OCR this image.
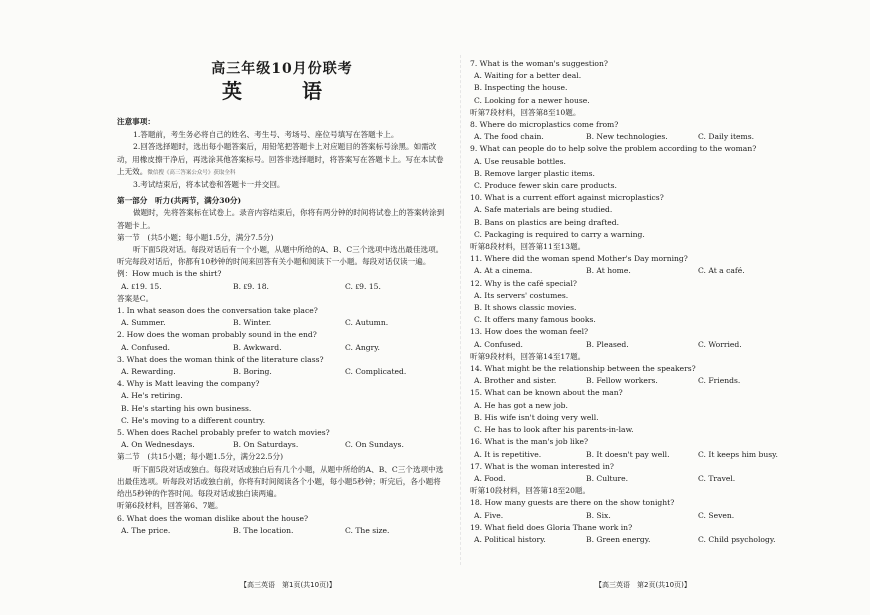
高三年级10月份联考
英　语
注意事项：

1.答题前，考生务必将自己的姓名、考生号、考场号、座位号填写在答题卡上。

2.回答选择题时，选出每小题答案后，用铅笔把答题卡上对应题目的答案标号涂黑。如需改动，用橡皮擦干净后，再选涂其他答案标号。回答非选择题时，将答案写在答题卡上。写在本试卷上无效。微信搜《高三答案公众号》获取全科

3.考试结束后，将本试卷和答题卡一并交回。

第一部分　听力(共两节，满分30分)

做题时，先将答案标在试卷上。录音内容结束后，你将有两分钟的时间将试卷上的答案转涂到答题卡上。

第一节　(共5小题；每小题1.5分，满分7.5分)

听下面5段对话。每段对话后有一个小题，从题中所给的A、B、C三个选项中选出最佳选项。听完每段对话后，你都有10秒钟的时间来回答有关小题和阅读下一小题。每段对话仅读一遍。

例：How much is the shirt?

A. ₤19. 15.	B. ₤9. 18.	C. ₤9. 15.

答案是C。

1. In what season does the conversation take place?

A. Summer.	B. Winter.	C. Autumn.

2. How does the woman probably sound in the end?

A. Confused.	B. Awkward.	C. Angry.

3. What does the woman think of the literature class?

A. Rewarding.	B. Boring.	C. Complicated.

4. Why is Matt leaving the company?

A. He's retiring.

B. He's starting his own business.

C. He's moving to a different country.

5. When does Rachel probably prefer to watch movies?

A. On Wednesdays.	B. On Saturdays.	C. On Sundays.

第二节　(共15小题；每小题1.5分，满分22.5分)

听下面5段对话或独白。每段对话或独白后有几个小题，从题中所给的A、B、C三个选项中选出最佳选项。听每段对话或独白前，你将有时间阅读各个小题，每小题5秒钟；听完后，各小题将给出5秒钟的作答时间。每段对话或独白读两遍。

听第6段材料，回答第6、7题。

6. What does the woman dislike about the house?

A. The price.	B. The location.	C. The size.

7. What is the woman's suggestion?

A. Waiting for a better deal.

B. Inspecting the house.

C. Looking for a newer house.

听第7段材料，回答第8至10题。

8. Where do microplastics come from?

A. The food chain.	B. New technologies.	C. Daily items.

9. What can people do to help solve the problem according to the woman?

A. Use reusable bottles.

B. Remove larger plastic items.

C. Produce fewer skin care products.

10. What is a current effort against microplastics?

A. Safe materials are being studied.

B. Bans on plastics are being drafted.

C. Packaging is required to carry a warning.

听第8段材料，回答第11至13题。

11. Where did the woman spend Mother's Day morning?

A. At a cinema.	B. At home.	C. At a café.

12. Why is the café special?

A. Its servers' costumes.

B. It shows classic movies.

C. It offers many famous books.

13. How does the woman feel?

A. Confused.	B. Pleased.	C. Worried.

听第9段材料，回答第14至17题。

14. What might be the relationship between the speakers?

A. Brother and sister.	B. Fellow workers.	C. Friends.

15. What can be known about the man?

A. He has got a new job.

B. His wife isn't doing very well.

C. He has to look after his parents-in-law.

16. What is the man's job like?

A. It is repetitive.	B. It doesn't pay well.	C. It keeps him busy.

17. What is the woman interested in?

A. Food.	B. Culture.	C. Travel.

听第10段材料，回答第18至20题。

18. How many guests are there on the show tonight?

A. Five.	B. Six.	C. Seven.

19. What field does Gloria Thane work in?

A. Political history.	B. Green energy.	C. Child psychology.
【高三英语　第1页(共10页)】	【高三英语　第2页(共10页)】
